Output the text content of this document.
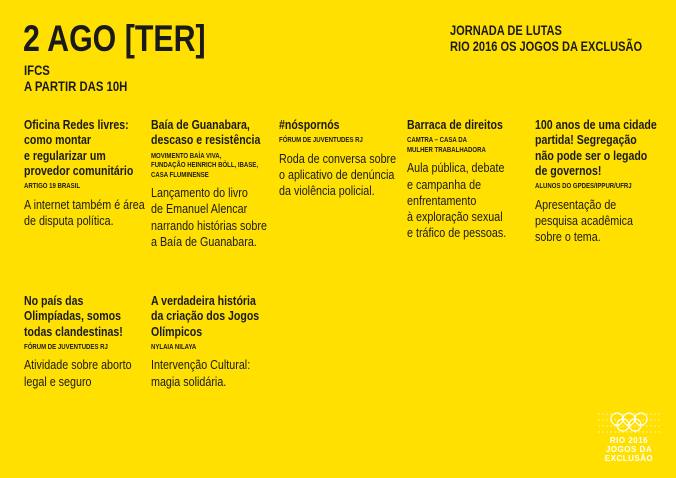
2 AGO [TER]
IFCS
A PARTIR DAS 10H
JORNADA DE LUTAS
RIO 2016 OS JOGOS DA EXCLUSÃO
Oficina Redes livres:
como montar
e regularizar um
provedor comunitário
ARTIGO 19 BRASIL
A internet também é área
de disputa política.
Baía de Guanabara,
descaso e resistência
MOVIMENTO BAÍA VIVA,
FUNDAÇÃO HEINRICH BÖLL, IBASE,
CASA FLUMINENSE
Lançamento do livro
de Emanuel Alencar
narrando histórias sobre
a Baía de Guanabara.
#nóspornós
FÓRUM DE JUVENTUDES RJ
Roda de conversa sobre
o aplicativo de denúncia
da violência policial.
Barraca de direitos
CAMTRA – CASA DA
MULHER TRABALHADORA
Aula pública, debate
e campanha de
enfrentamento
à exploração sexual
e tráfico de pessoas.
100 anos de uma cidade
partida! Segregação
não pode ser o legado
de governos!
ALUNOS DO GPDES/IPPUR/UFRJ
Apresentação de
pesquisa acadêmica
sobre o tema.
No país das
Olimpíadas, somos
todas clandestinas!
FÓRUM DE JUVENTUDES RJ
Atividade sobre aborto
legal e seguro
A verdadeira história
da criação dos Jogos
Olímpicos
NYLAIA NILAYA
Intervenção Cultural:
magia solidária.
RIO 2016
JOGOS DA
EXCLUSÃO
